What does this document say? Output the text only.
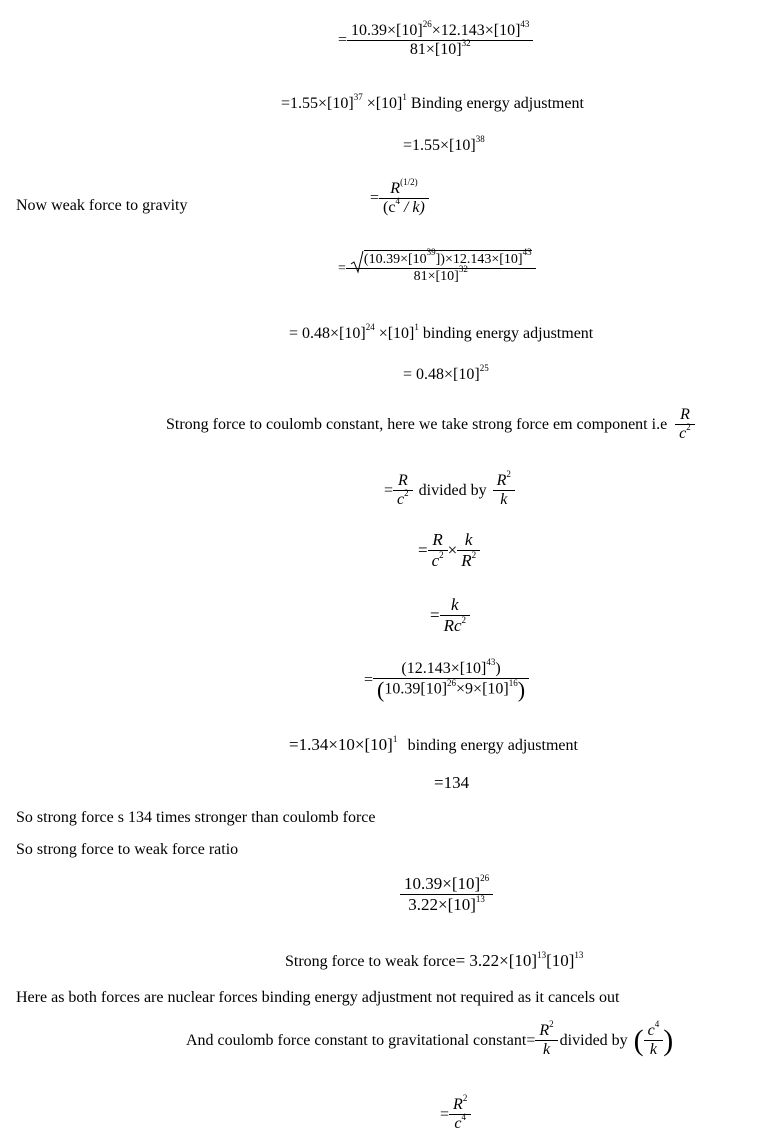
= $\frac{10.39\times[10]^{26}\times 12.143\times[10]^{43}}{81\times[10]^{32}}$
$=1.55\times[10]^{37} \times[10]^1$ Binding energy adjustment
$=1.55\times[10]^{38}$
Now weak force to gravity	= $\frac{R^{(1/2)}}{(c^4 / k)}$
= $\frac{(10.39\times[10^{39}])\times 12.143\times[10]^{43}}{81\times[10]^{32}}$
= $0.48\times[10]^{24} \times[10]^1$ binding energy adjustment
= $0.48\times[10]^{25}$
Strong force to coulomb constant, here we take strong force em component $i.e \frac{R}{c^2}$
= $\frac{R}{c^2}$ divided by $\frac{R^2}{k}$
= $\frac{R}{c^2} \times \frac{k}{R^2}$
= $\frac{k}{Rc^2}$
= $\frac{(12.143\times[10]^{43})}{(10.39[10]^{26}\times 9\times[10]^{16})}$
$=1.34\times 10\times[10]^1$ binding energy adjustment
=134
So strong force s 134 times stronger than coulomb force
So strong force to weak force ratio
$\frac{10.39\times[10]^{26}}{3.22\times[10]^{13}}$
Strong force to weak force= $3.22\times[10]^{13}[10]^{13}$
Here as both forces are nuclear forces binding energy adjustment not required as it cancels out
And coulomb force constant to gravitational constant= $\frac{R^2}{k}$ divided by ( $\frac{c^4}{k}$ )
= $\frac{R^2}{c^4}$
